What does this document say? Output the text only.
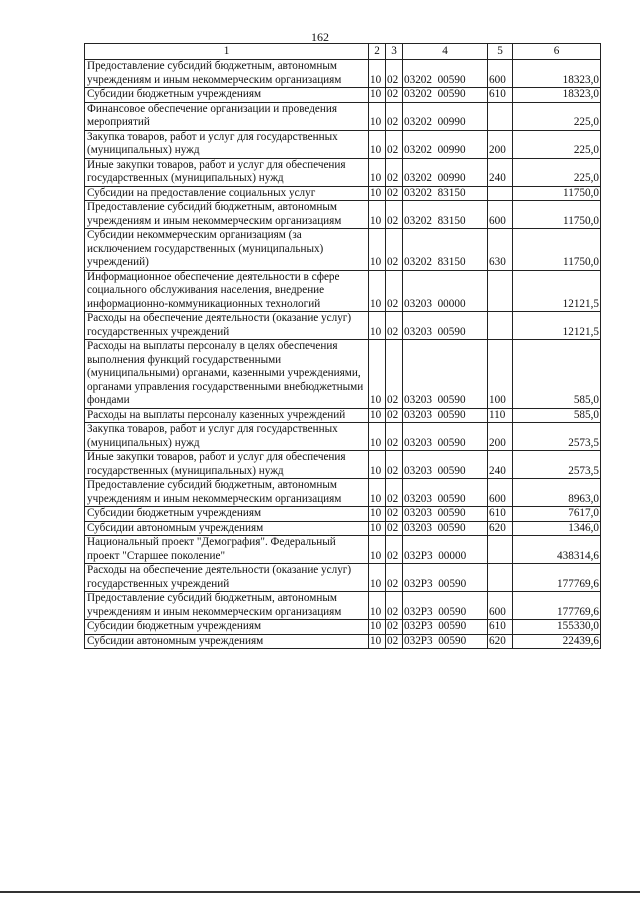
162
1	2	3	4	5	6
Предоставление субсидий бюджетным, автономным учреждениям и иным некоммерческим организациям	10	02	03202  00590	600	18323,0
Субсидии бюджетным учреждениям	10	02	03202  00590	610	18323,0
Финансовое обеспечение организации и проведения мероприятий	10	02	03202  00990		225,0
Закупка товаров, работ и услуг для государственных (муниципальных) нужд	10	02	03202  00990	200	225,0
Иные закупки товаров, работ и услуг для обеспечения государственных (муниципальных) нужд	10	02	03202  00990	240	225,0
Субсидии на предоставление социальных услуг	10	02	03202  83150		11750,0
Предоставление субсидий бюджетным, автономным учреждениям и иным некоммерческим организациям	10	02	03202  83150	600	11750,0
Субсидии некоммерческим организациям (за исключением государственных (муниципальных) учреждений)	10	02	03202  83150	630	11750,0
Информационное обеспечение деятельности в сфере социального обслуживания населения, внедрение информационно-коммуникационных технологий	10	02	03203  00000		12121,5
Расходы на обеспечение деятельности (оказание услуг) государственных учреждений	10	02	03203  00590		12121,5
Расходы на выплаты персоналу в целях обеспечения выполнения функций государственными (муниципальными) органами, казенными учреждениями, органами управления государственными внебюджетными фондами	10	02	03203  00590	100	585,0
Расходы на выплаты персоналу казенных учреждений	10	02	03203  00590	110	585,0
Закупка товаров, работ и услуг для государственных (муниципальных) нужд	10	02	03203  00590	200	2573,5
Иные закупки товаров, работ и услуг для обеспечения государственных (муниципальных) нужд	10	02	03203  00590	240	2573,5
Предоставление субсидий бюджетным, автономным учреждениям и иным некоммерческим организациям	10	02	03203  00590	600	8963,0
Субсидии бюджетным учреждениям	10	02	03203  00590	610	7617,0
Субсидии автономным учреждениям	10	02	03203  00590	620	1346,0
Национальный проект "Демография". Федеральный проект "Старшее поколение"	10	02	032P3  00000		438314,6
Расходы на обеспечение деятельности (оказание услуг) государственных учреждений	10	02	032P3  00590		177769,6
Предоставление субсидий бюджетным, автономным учреждениям и иным некоммерческим организациям	10	02	032P3  00590	600	177769,6
Субсидии бюджетным учреждениям	10	02	032P3  00590	610	155330,0
Субсидии автономным учреждениям	10	02	032P3  00590	620	22439,6
